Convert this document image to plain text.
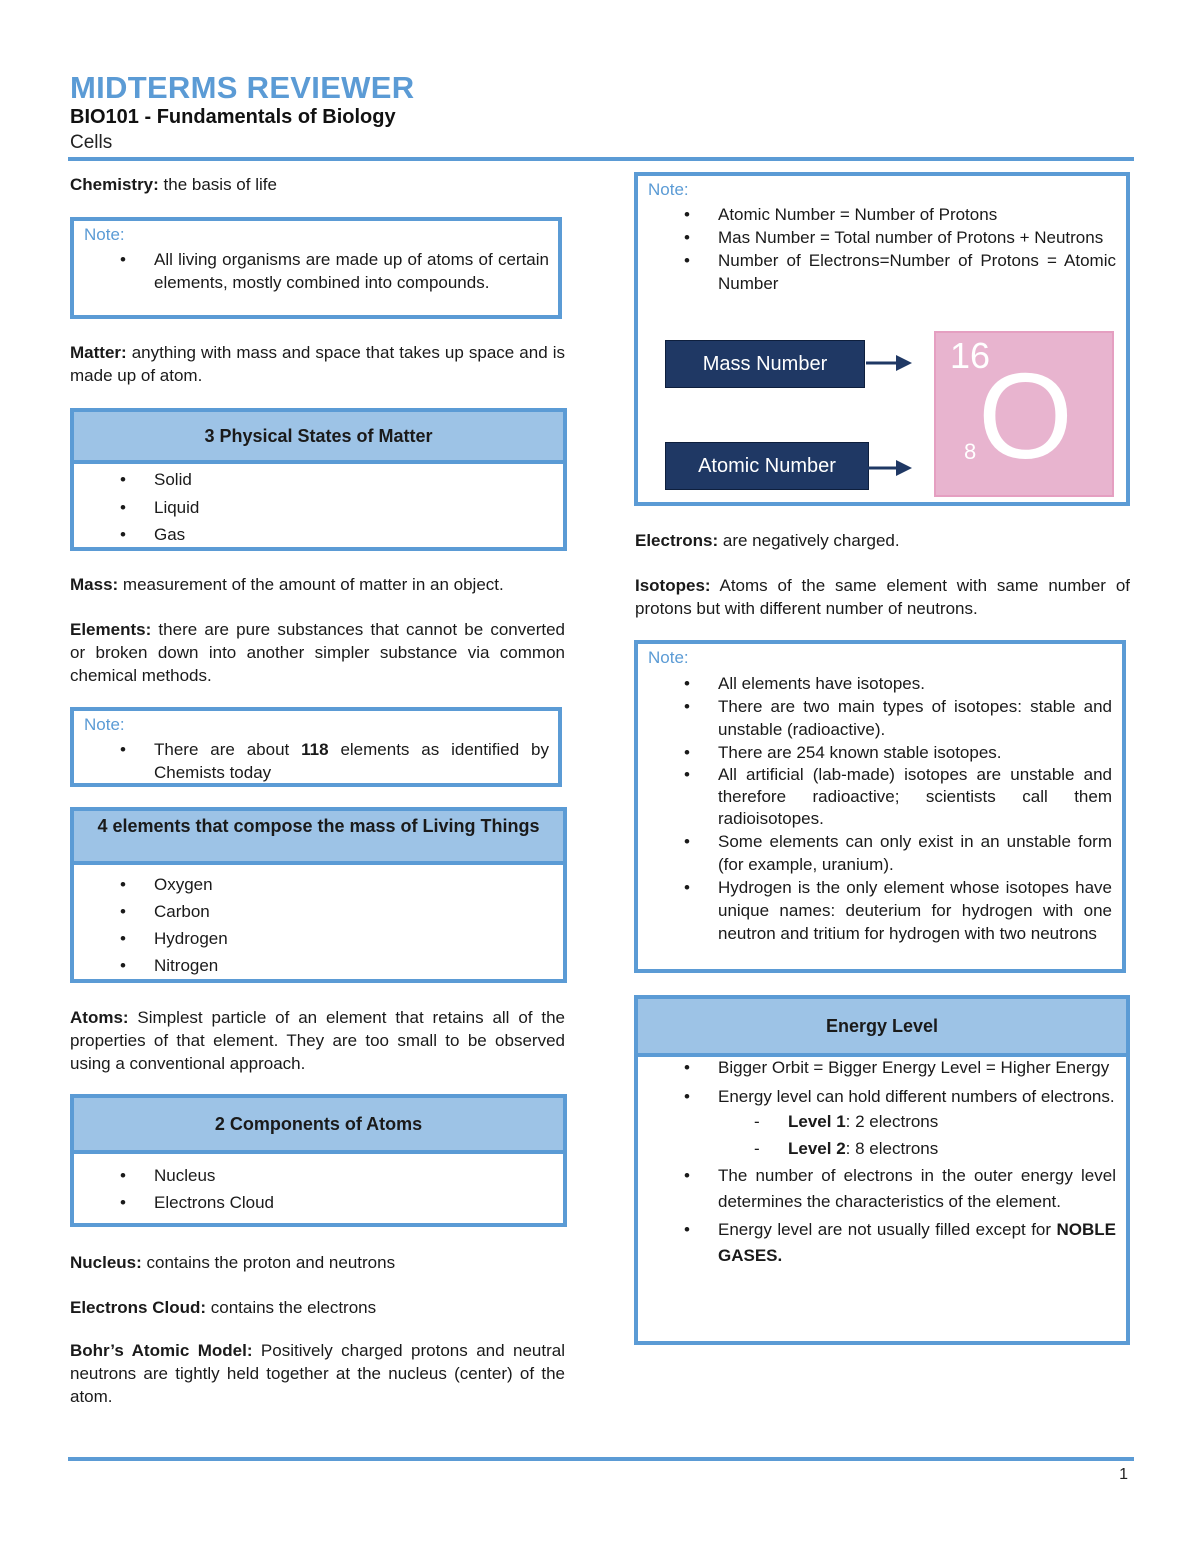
MIDTERMS REVIEWER
BIO101 - Fundamentals of Biology
Cells

Chemistry: the basis of life

Note:
• All living organisms are made up of atoms of certain elements, mostly combined into compounds.

Matter: anything with mass and space that takes up space and is made up of atom.

3 Physical States of Matter
• Solid
• Liquid
• Gas

Mass: measurement of the amount of matter in an object.

Elements: there are pure substances that cannot be converted or broken down into another simpler substance via common chemical methods.

Note:
• There are about 118 elements as identified by Chemists today
4 elements that compose the mass of Living Things
• Oxygen
• Carbon
• Hydrogen
• Nitrogen

Atoms: Simplest particle of an element that retains all of the properties of that element. They are too small to be observed using a conventional approach.

2 Components of Atoms
• Nucleus
• Electrons Cloud

Nucleus: contains the proton and neutrons

Electrons Cloud: contains the electrons

Bohr’s Atomic Model: Positively charged protons and neutral neutrons are tightly held together at the nucleus (center) of the atom.

Note:
• Atomic Number = Number of Protons
• Mas Number = Total number of Protons + Neutrons
• Number of Electrons=Number of Protons = Atomic Number
Mass Number
Atomic Number
16
8 O

Electrons: are negatively charged.

Isotopes: Atoms of the same element with same number of protons but with different number of neutrons.

Note:
• All elements have isotopes.
• There are two main types of isotopes: stable and unstable (radioactive).
• There are 254 known stable isotopes.
• All artificial (lab-made) isotopes are unstable and therefore radioactive; scientists call them radioisotopes.
• Some elements can only exist in an unstable form (for example, uranium).
• Hydrogen is the only element whose isotopes have unique names: deuterium for hydrogen with one neutron and tritium for hydrogen with two neutrons
Energy Level
• Bigger Orbit = Bigger Energy Level = Higher Energy
• Energy level can hold different numbers of electrons.
- Level 1: 2 electrons
- Level 2: 8 electrons
• The number of electrons in the outer energy level determines the characteristics of the element.
• Energy level are not usually filled except for NOBLE GASES.
1
